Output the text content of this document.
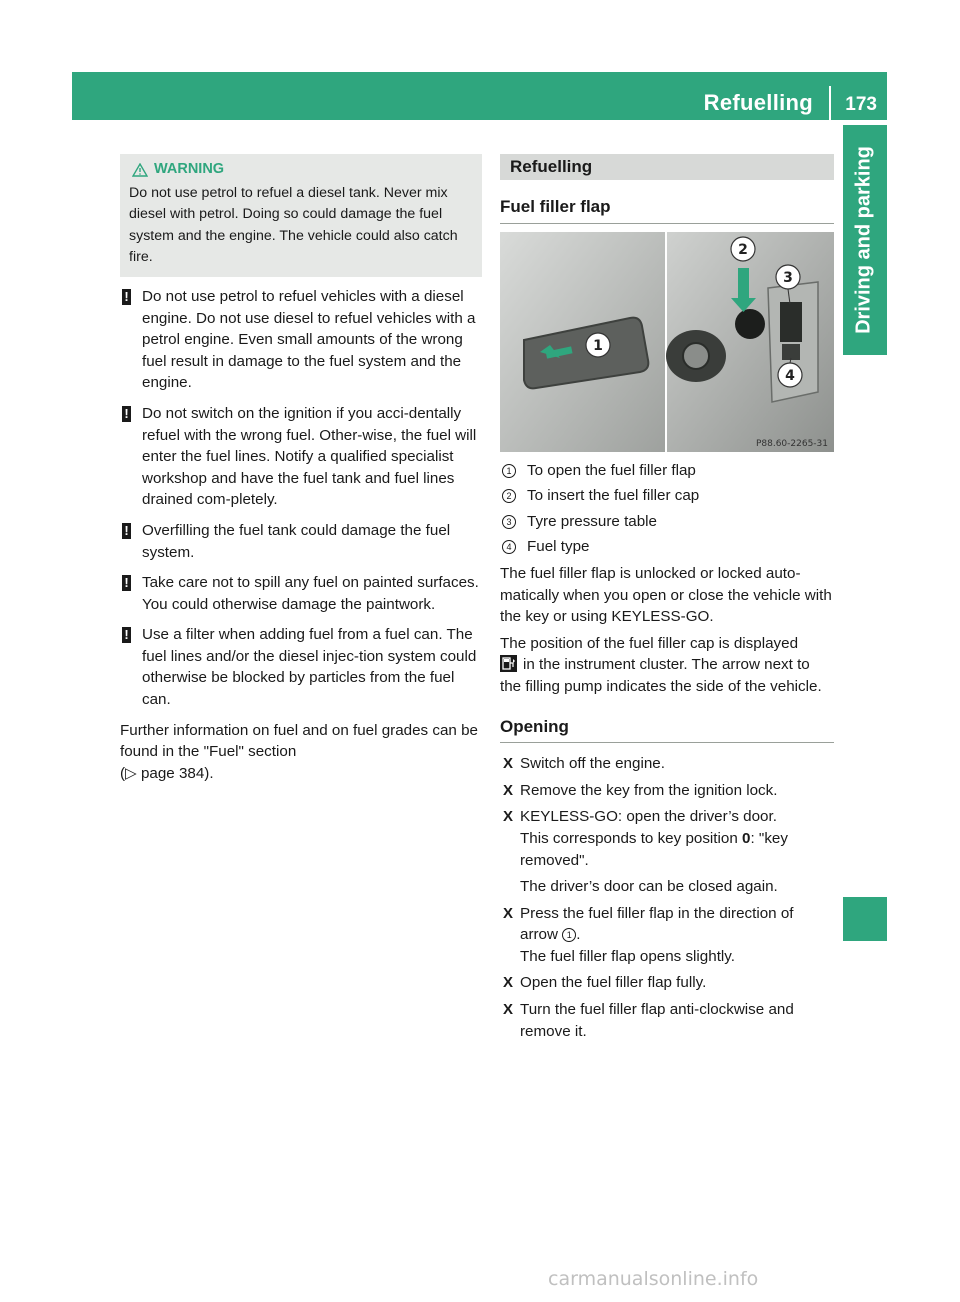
Refuelling 173
Driving and parking
WARNING
Do not use petrol to refuel a diesel tank. Never mix diesel with petrol. Doing so could damage the fuel system and the engine. The vehicle could also catch fire.
! Do not use petrol to refuel vehicles with a diesel engine. Do not use diesel to refuel vehicles with a petrol engine. Even small amounts of the wrong fuel result in damage to the fuel system and the engine.
! Do not switch on the ignition if you acci-dentally refuel with the wrong fuel. Other-wise, the fuel will enter the fuel lines. Notify a qualified specialist workshop and have the fuel tank and fuel lines drained com-pletely.
! Overfilling the fuel tank could damage the fuel system.
! Take care not to spill any fuel on painted surfaces. You could otherwise damage the paintwork.
! Use a filter when adding fuel from a fuel can. The fuel lines and/or the diesel injec-tion system could otherwise be blocked by particles from the fuel can.
Further information on fuel and on fuel grades can be found in the "Fuel" section
(▷ page 384).
Refuelling
Fuel filler flap
1
2
3
4
P88.60-2265-31
1 To open the fuel filler flap
2 To insert the fuel filler cap
3 Tyre pressure table
4 Fuel type
The fuel filler flap is unlocked or locked auto-matically when you open or close the vehicle with the key or using KEYLESS-GO.
The position of the fuel filler cap is displayed
in the instrument cluster. The arrow next to the filling pump indicates the side of the vehicle.
Opening
X Switch off the engine.
X Remove the key from the ignition lock.
X KEYLESS-GO: open the driver’s door.
This corresponds to key position 0: "key removed".
The driver’s door can be closed again.
X Press the fuel filler flap in the direction of arrow 1 .
The fuel filler flap opens slightly.
X Open the fuel filler flap fully.
X Turn the fuel filler flap anti-clockwise and remove it.
carmanualsonline.info
